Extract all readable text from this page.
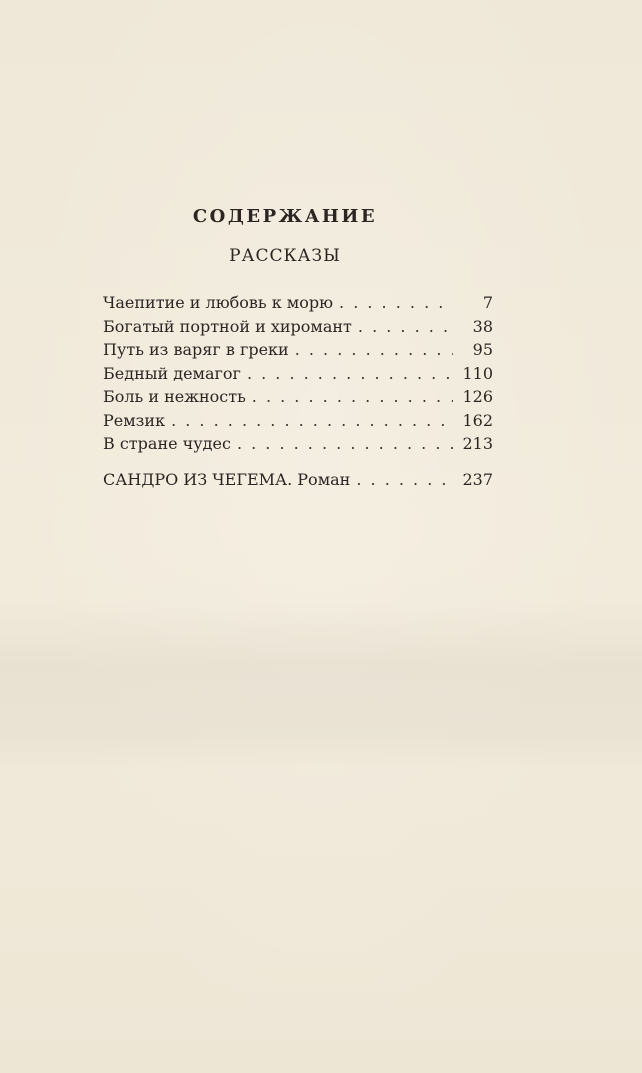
СОДЕРЖАНИЕ
РАССКАЗЫ
Чаепитие и любовь к морю . . .	7
Богатый портной и хиромант . . .	38
Путь из варяг в греки . . .	95
Бедный демагог . . .	110
Боль и нежность . . .	126
Ремзик . . .	162
В стране чудес . . .	213
САНДРО ИЗ ЧЕГЕМА. Роман . . .	237
